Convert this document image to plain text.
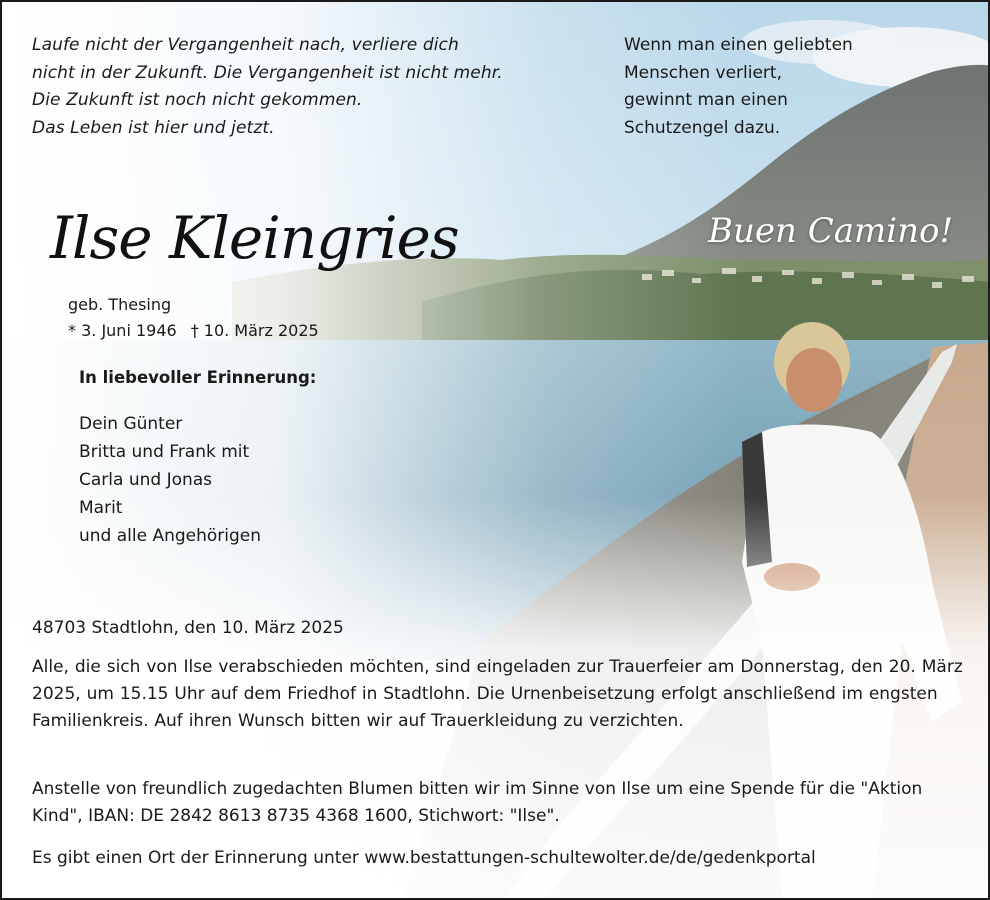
Laufe nicht der Vergangenheit nach, verliere dich
nicht in der Zukunft. Die Vergangenheit ist nicht mehr.
Die Zukunft ist noch nicht gekommen.
Das Leben ist hier und jetzt.
Wenn man einen geliebten
Menschen verliert,
gewinnt man einen
Schutzengel dazu.
Ilse Kleingries	Buen Camino!
geb. Thesing
* 3. Juni 1946 † 10. März 2025
In liebevoller Erinnerung:
Dein Günter
Britta und Frank mit
Carla und Jonas
Marit
und alle Angehörigen
48703 Stadtlohn, den 10. März 2025
Alle, die sich von Ilse verabschieden möchten, sind eingeladen zur Trauerfeier am Donnerstag, den 20. März 2025, um 15.15 Uhr auf dem Friedhof in Stadtlohn. Die Urnenbeisetzung erfolgt anschließend im engsten Familienkreis. Auf ihren Wunsch bitten wir auf Trauerkleidung zu verzichten.
Anstelle von freundlich zugedachten Blumen bitten wir im Sinne von Ilse um eine Spende für die "Aktion Kind", IBAN: DE 2842 8613 8735 4368 1600, Stichwort: "Ilse".
Es gibt einen Ort der Erinnerung unter www.bestattungen-schultewolter.de/de/gedenkportal
